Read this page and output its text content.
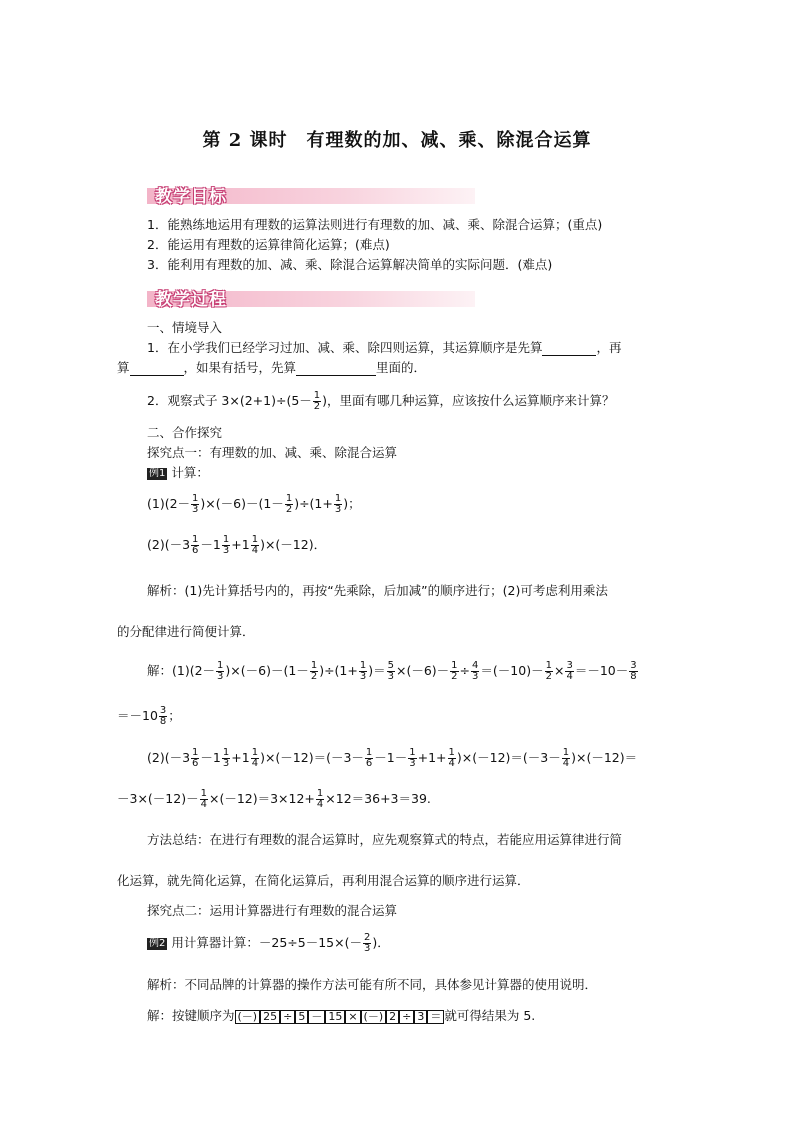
第 2 课时　有理数的加、减、乘、除混合运算
教学目标
1．能熟练地运用有理数的运算法则进行有理数的加、减、乘、除混合运算；(重点)
2．能运用有理数的运算律简化运算；(难点)
3．能利用有理数的加、减、乘、除混合运算解决简单的实际问题．(难点)
教学过程
一、情境导入
1．在小学我们已经学习过加、减、乘、除四则运算，其运算顺序是先算	，再
算	，如果有括号，先算	里面的．
2．观察式子 $3\times(2+1)\div(5- \frac{1}{2}$ )，里面有哪几种运算，应该按什么运算顺序来计算？
二、合作探究
探究点一：有理数的加、减、乘、除混合运算
例1 计算：
$(1)(2- \frac{1}{3} )\times(-6)-(1- \frac{1}{2} )\div(1+ \frac{1}{3}$ )；
$(2)(-3 \frac{1}{6} -1 \frac{1}{3} +1 \frac{1}{4} )\times(-12)$．
解析：(1)先计算括号内的，再按“先乘除，后加减”的顺序进行；(2)可考虑利用乘法
的分配律进行简便计算．
解：$(1)(2- \frac{1}{3} )\times(-6)-(1- \frac{1}{2} )\div(1+ \frac{1}{3}$ )＝ $\frac{5}{3} \times(-6)- \frac{1}{2} \div \frac{4}{3} =(-10)- \frac{1}{2} \times \frac{3}{4} =-10- \frac{3}{8}$
$=-10 \frac{3}{8}$ ；
$(2)(-3 \frac{1}{6} -1 \frac{1}{3} +1 \frac{1}{4} )\times(-12)=(-3- \frac{1}{6} -1- \frac{1}{3} +1+ \frac{1}{4} )\times(-12)=(-3- \frac{1}{4} )\times(-12)=$
$-3\times(-12)- \frac{1}{4} \times(-12)=3\times 12+ \frac{1}{4} \times 12=36+3=39$.
方法总结：在进行有理数的混合运算时，应先观察算式的特点，若能应用运算律进行简
化运算，就先简化运算，在简化运算后，再利用混合运算的顺序进行运算．
探究点二：运用计算器进行有理数的混合运算
例2 用计算器计算：$-25\div 5-15\times(- \frac{2}{3}$ )．
解析：不同品牌的计算器的操作方法可能有所不同，具体参见计算器的使用说明．
解：按键顺序为 (－) 25 ÷ 5 － 15 × (－) 2 ÷ 3 ＝ 就可得结果为 5.
